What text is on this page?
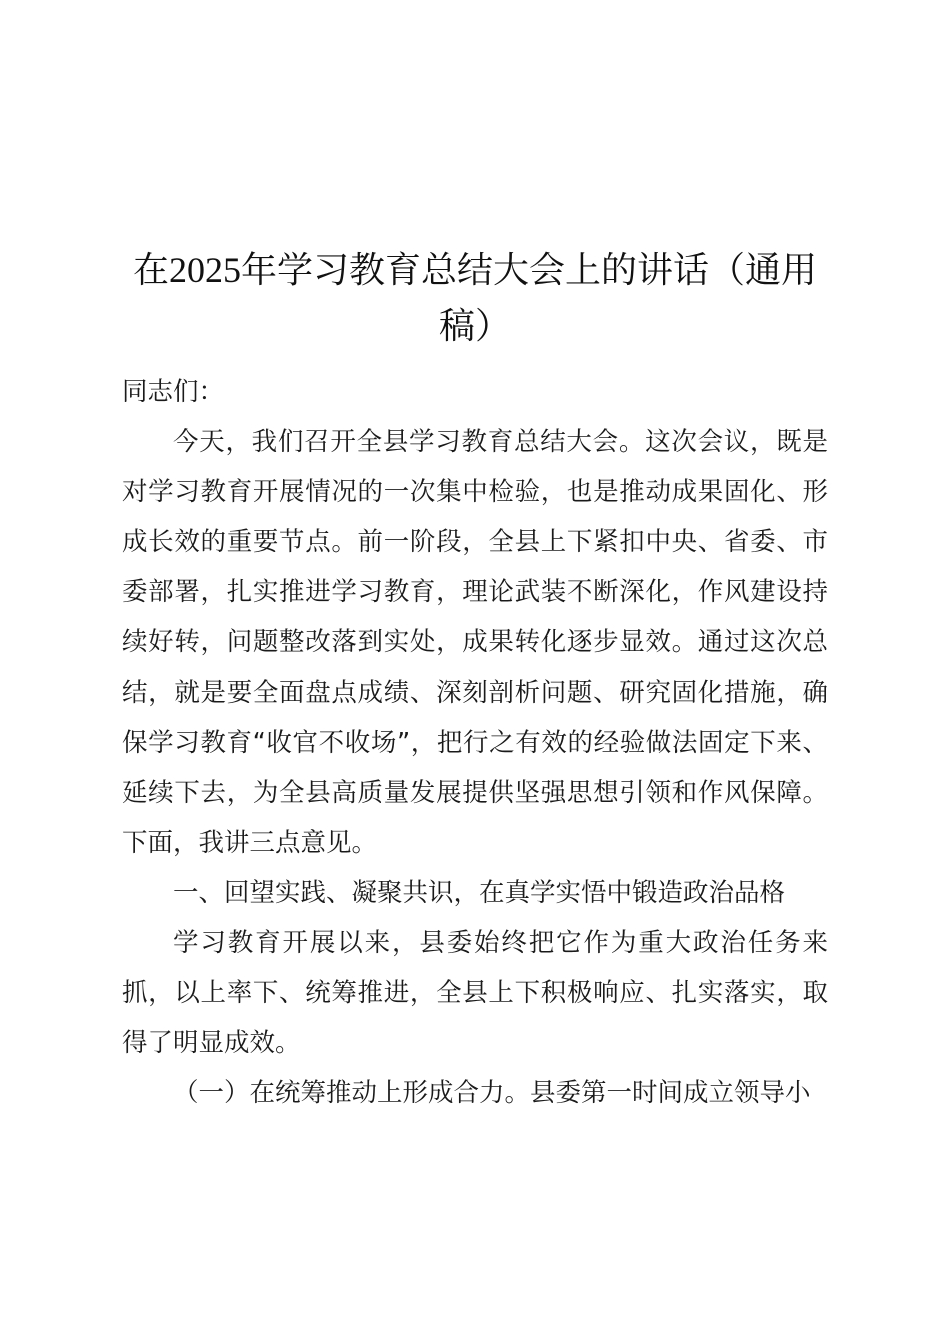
在2025年学习教育总结大会上的讲话（通用稿）

同志们：

今天，我们召开全县学习教育总结大会。这次会议，既是对学习教育开展情况的一次集中检验，也是推动成果固化、形成长效的重要节点。前一阶段，全县上下紧扣中央、省委、市委部署，扎实推进学习教育，理论武装不断深化，作风建设持续好转，问题整改落到实处，成果转化逐步显效。通过这次总结，就是要全面盘点成绩、深刻剖析问题、研究固化措施，确保学习教育“收官不收场”，把行之有效的经验做法固定下来、延续下去，为全县高质量发展提供坚强思想引领和作风保障。下面，我讲三点意见。

一、回望实践、凝聚共识，在真学实悟中锻造政治品格

学习教育开展以来，县委始终把它作为重大政治任务来抓，以上率下、统筹推进，全县上下积极响应、扎实落实，取得了明显成效。

（一）在统筹推动上形成合力。县委第一时间成立领导小
